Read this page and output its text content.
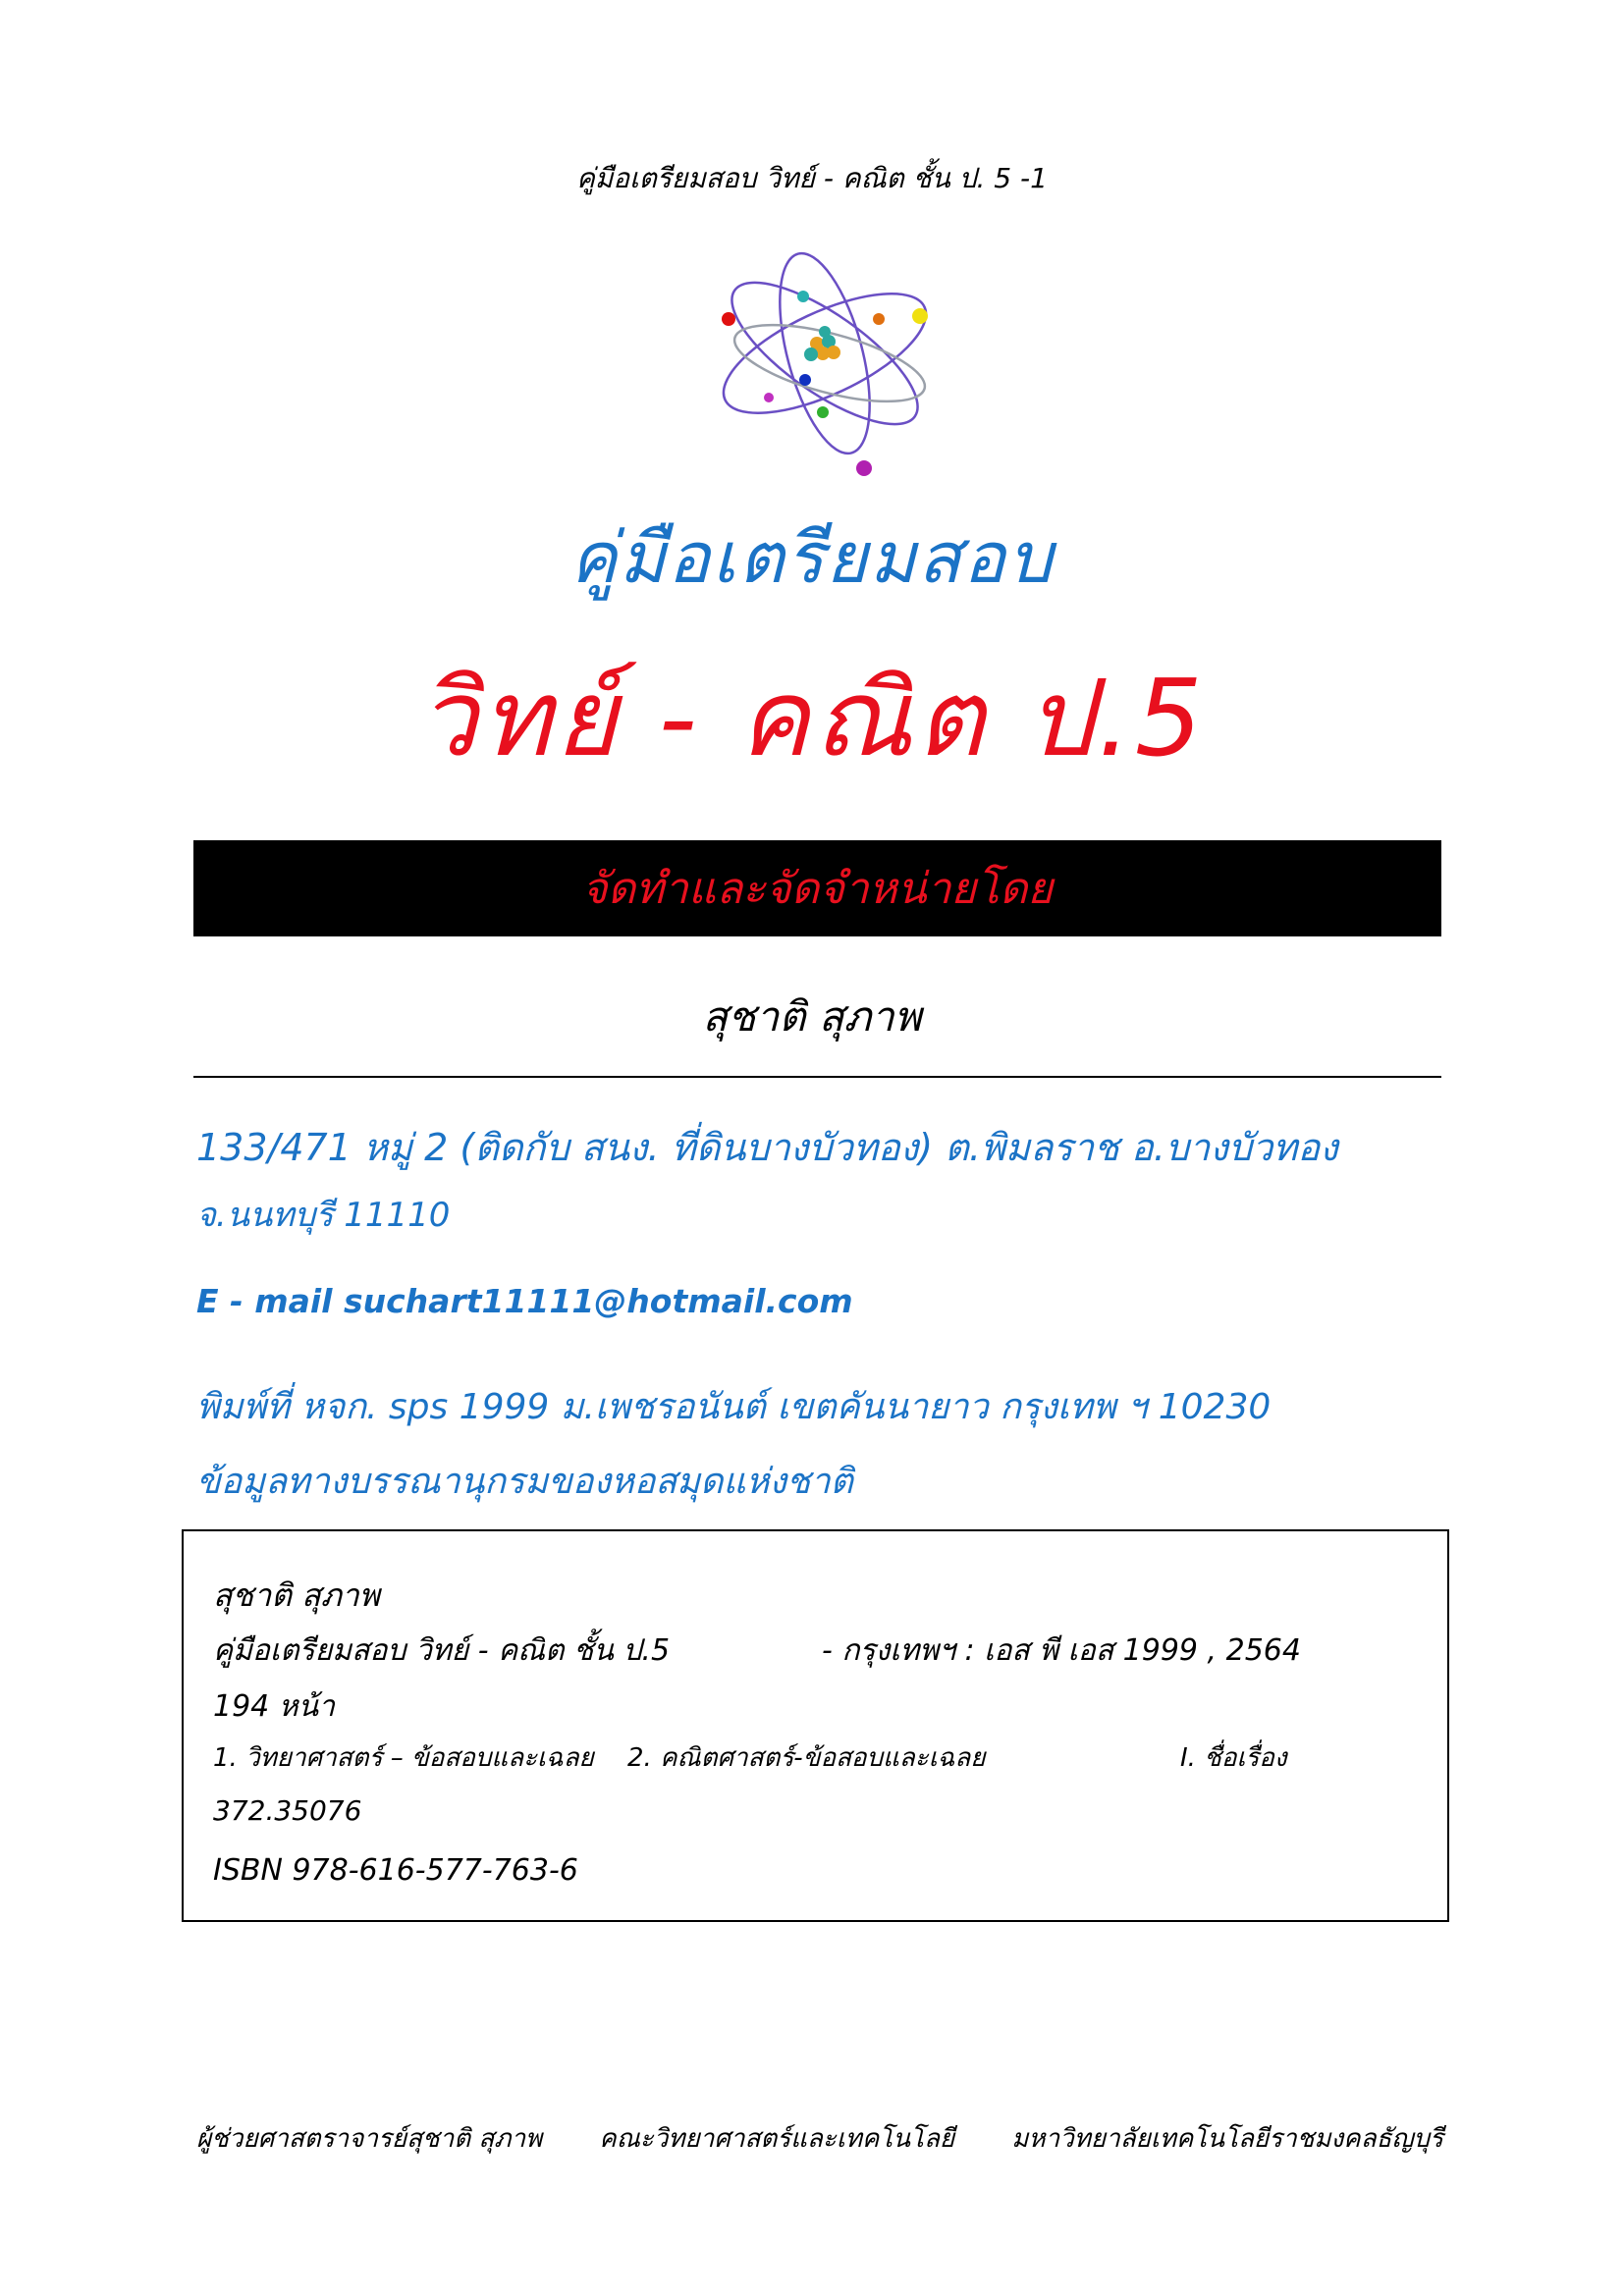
คู่มือเตรียมสอบ วิทย์ - คณิต ชั้น ป. 5 -1
คู่มือเตรียมสอบ
วิทย์ - คณิต ป.5
จัดทำและจัดจำหน่ายโดย
สุชาติ สุภาพ
133/471 หมู่ 2 (ติดกับ สนง. ที่ดินบางบัวทอง) ต.พิมลราช อ.บางบัวทอง
จ.นนทบุรี 11110
E - mail suchart11111@hotmail.com
พิมพ์ที่ หจก. sps 1999 ม.เพชรอนันต์ เขตคันนายาว กรุงเทพ ฯ 10230
ข้อมูลทางบรรณานุกรมของหอสมุดแห่งชาติ
สุชาติ สุภาพ
คู่มือเตรียมสอบ วิทย์ - คณิต ชั้น ป.5	- กรุงเทพฯ : เอส พี เอส 1999 , 2564
194 หน้า
1. วิทยาศาสตร์ – ข้อสอบและเฉลย 2. คณิตศาสตร์-ข้อสอบและเฉลย	I. ชื่อเรื่อง
372.35076
ISBN 978-616-577-763-6
ผู้ช่วยศาสตราจารย์สุชาติ สุภาพ คณะวิทยาศาสตร์และเทคโนโลยี มหาวิทยาลัยเทคโนโลยีราชมงคลธัญบุรี
